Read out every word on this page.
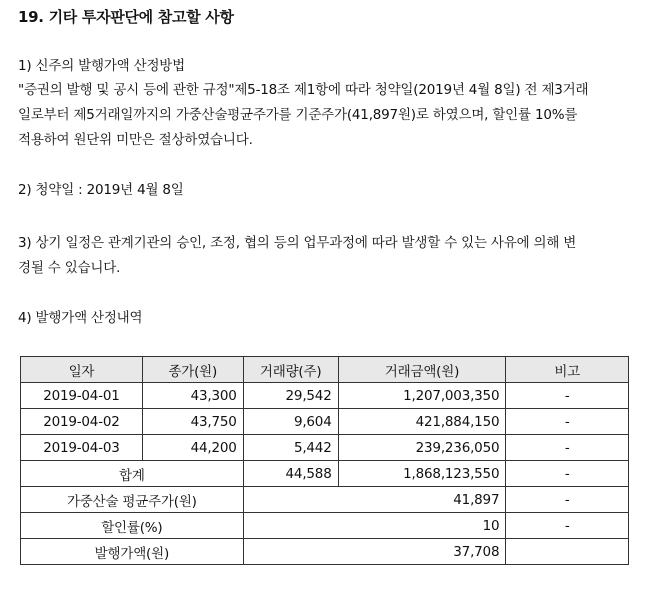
19. 기타 투자판단에 참고할 사항
1) 신주의 발행가액 산정방법
"증권의 발행 및 공시 등에 관한 규정"제5-18조 제1항에 따라 청약일(2019년 4월 8일) 전 제3거래
일로부터 제5거래일까지의 가중산술평균주가를 기준주가(41,897원)로 하였으며, 할인률 10%를
적용하여 원단위 미만은 절상하였습니다.
2) 청약일 : 2019년 4월 8일
3) 상기 일정은 관계기관의 승인, 조정, 협의 등의 업무과정에 따라 발생할 수 있는 사유에 의해 변
경될 수 있습니다.
4) 발행가액 산정내역
일자	종가(원)	거래량(주)	거래금액(원)	비고
2019-04-01	43,300	29,542	1,207,003,350	-
2019-04-02	43,750	9,604	421,884,150	-
2019-04-03	44,200	5,442	239,236,050	-
합계		44,588	1,868,123,550	-
가중산술 평균주가(원)		41,897		-
할인률(%)		10		-
발행가액(원)		37,708		
